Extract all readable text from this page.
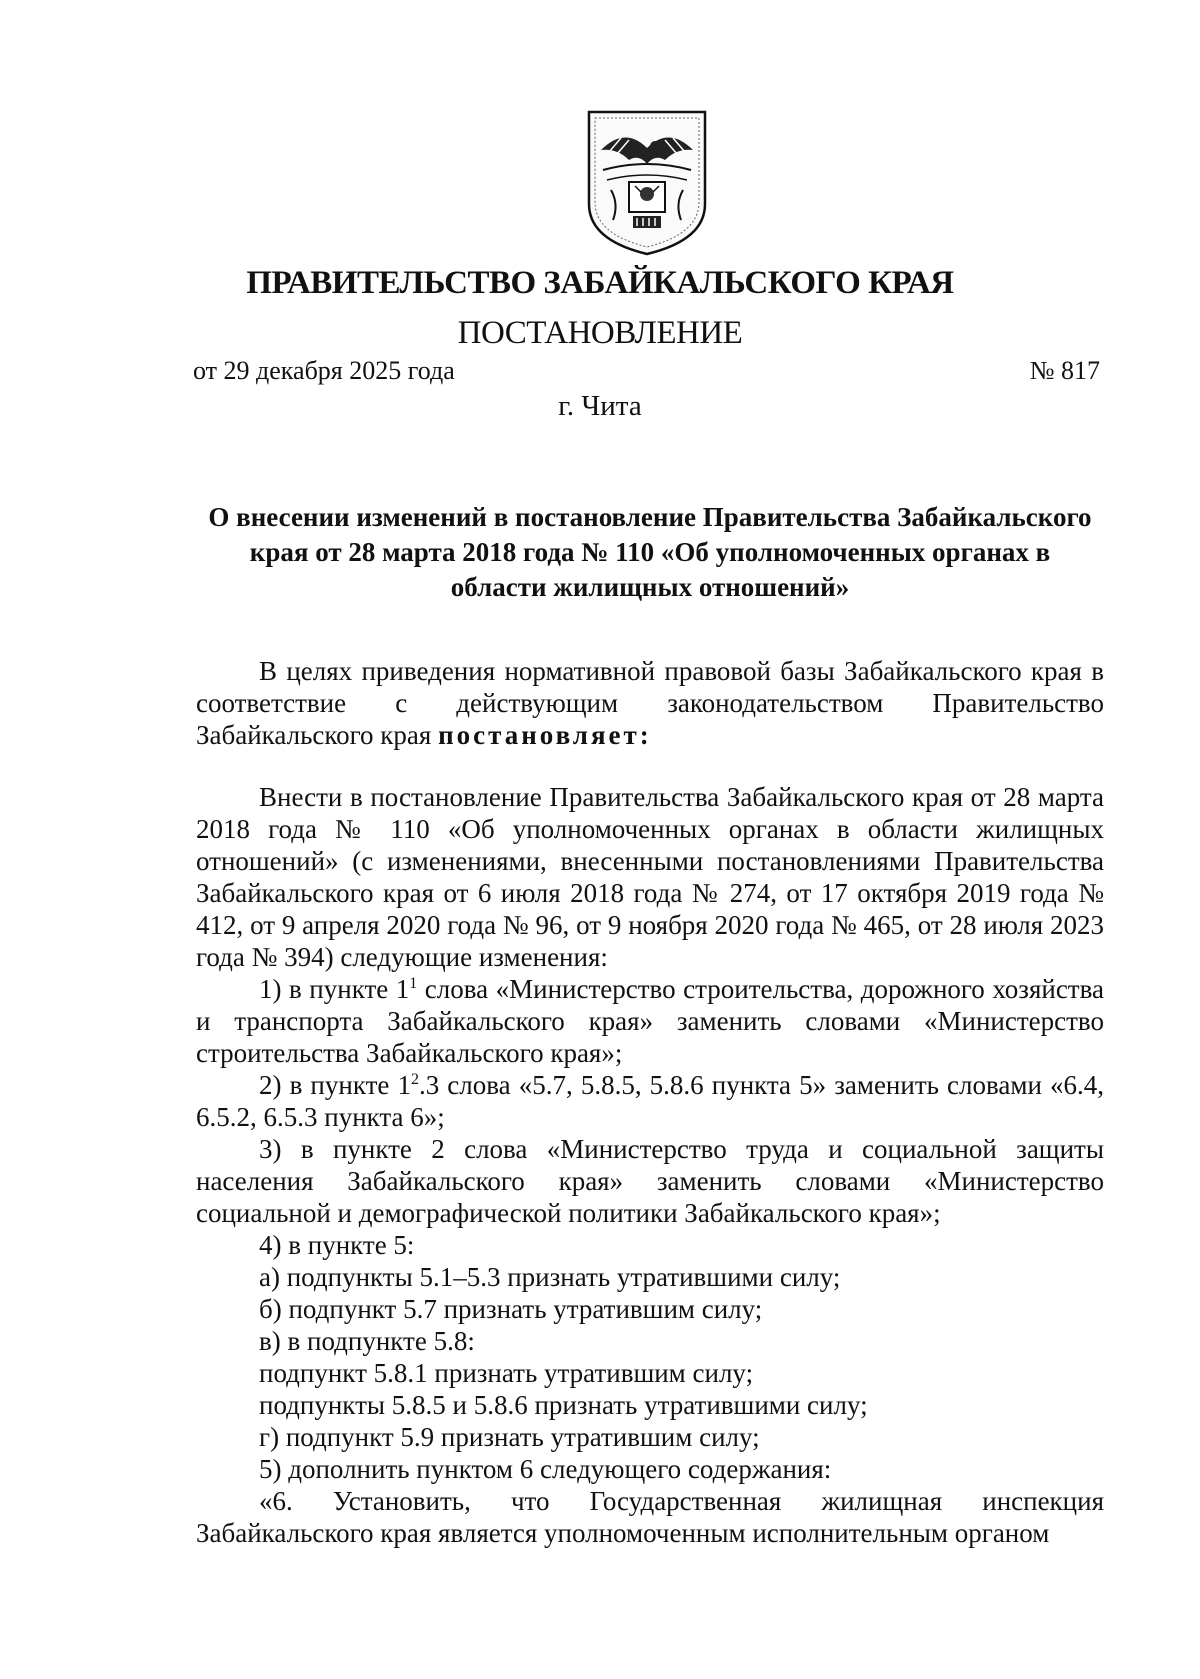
ПРАВИТЕЛЬСТВО ЗАБАЙКАЛЬСКОГО КРАЯ
ПОСТАНОВЛЕНИЕ
от 29 декабря 2025 года	№ 817
г. Чита
О внесении изменений в постановление Правительства Забайкальского
края от 28 марта 2018 года № 110 «Об уполномоченных органах в
области жилищных отношений»

В целях приведения нормативной правовой базы Забайкальского края в соответствие с действующим законодательством Правительство Забайкальского края постановляет:

Внести в постановление Правительства Забайкальского края от 28 марта 2018 года № 110 «Об уполномоченных органах в области жилищных отношений» (с изменениями, внесенными постановлениями Правительства Забайкальского края от 6 июля 2018 года № 274, от 17 октября 2019 года № 412, от 9 апреля 2020 года № 96, от 9 ноября 2020 года № 465, от 28 июля 2023 года № 394) следующие изменения:

1) в пункте $1^1$ слова «Министерство строительства, дорожного хозяйства и транспорта Забайкальского края» заменить словами «Министерство строительства Забайкальского края»;

2) в пункте $1^2.3$ слова «5.7, 5.8.5, 5.8.6 пункта 5» заменить словами «6.4, 6.5.2, 6.5.3 пункта 6»;

3) в пункте 2 слова «Министерство труда и социальной защиты населения Забайкальского края» заменить словами «Министерство социальной и демографической политики Забайкальского края»;

4) в пункте 5:
а) подпункты 5.1–5.3 признать утратившими силу;
б) подпункт 5.7 признать утратившим силу;
в) в подпункте 5.8:
подпункт 5.8.1 признать утратившим силу;
подпункты 5.8.5 и 5.8.6 признать утратившими силу;
г) подпункт 5.9 признать утратившим силу;
5) дополнить пунктом 6 следующего содержания:

«6. Установить, что Государственная жилищная инспекция Забайкальского края является уполномоченным исполнительным органом
